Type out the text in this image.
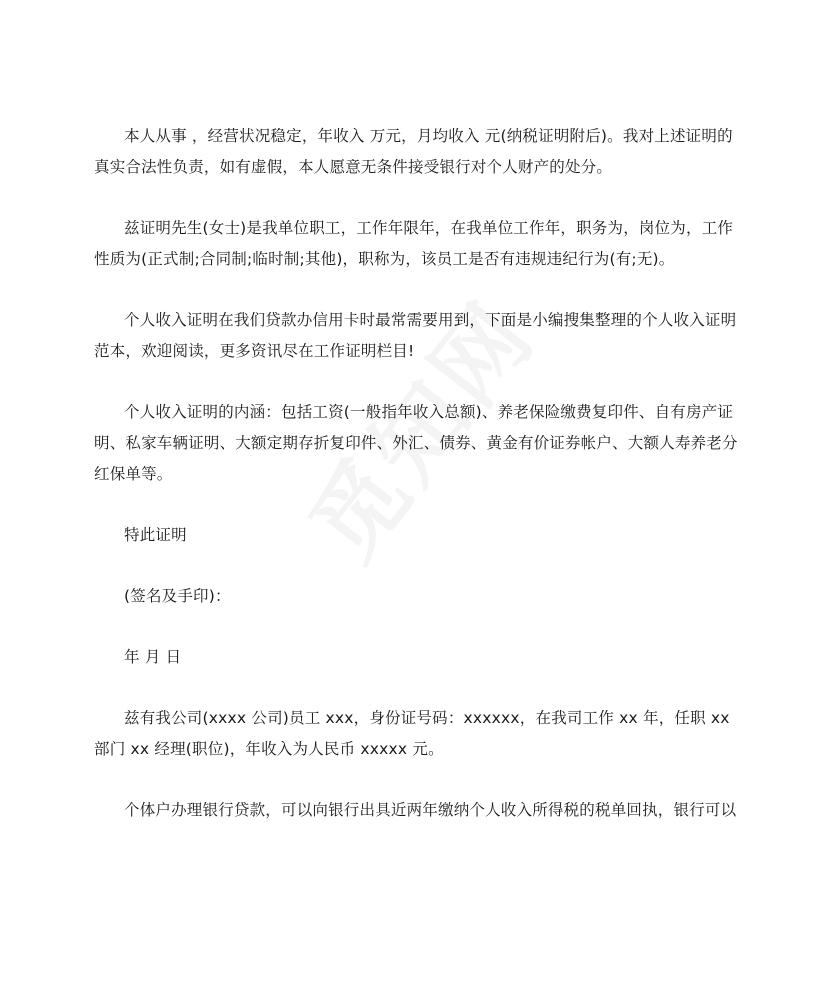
本人从事 ，经营状况稳定，年收入 万元，月均收入 元(纳税证明附后)。我对上述证明的真实合法性负责，如有虚假，本人愿意无条件接受银行对个人财产的处分。

兹证明先生(女士)是我单位职工，工作年限年，在我单位工作年，职务为，岗位为，工作性质为(正式制;合同制;临时制;其他)，职称为，该员工是否有违规违纪行为(有;无)。

个人收入证明在我们贷款办信用卡时最常需要用到，下面是小编搜集整理的个人收入证明范本，欢迎阅读，更多资讯尽在工作证明栏目!

个人收入证明的内涵：包括工资(一般指年收入总额)、养老保险缴费复印件、自有房产证明、私家车辆证明、大额定期存折复印件、外汇、债券、黄金有价证券帐户、大额人寿养老分红保单等。

特此证明

(签名及手印)：

年 月 日

兹有我公司(xxxx 公司)员工 xxx，身份证号码：xxxxxx，在我司工作 xx 年，任职 xx 部门 xx 经理(职位)，年收入为人民币 xxxxx 元。

个体户办理银行贷款，可以向银行出具近两年缴纳个人收入所得税的税单回执，银行可以
